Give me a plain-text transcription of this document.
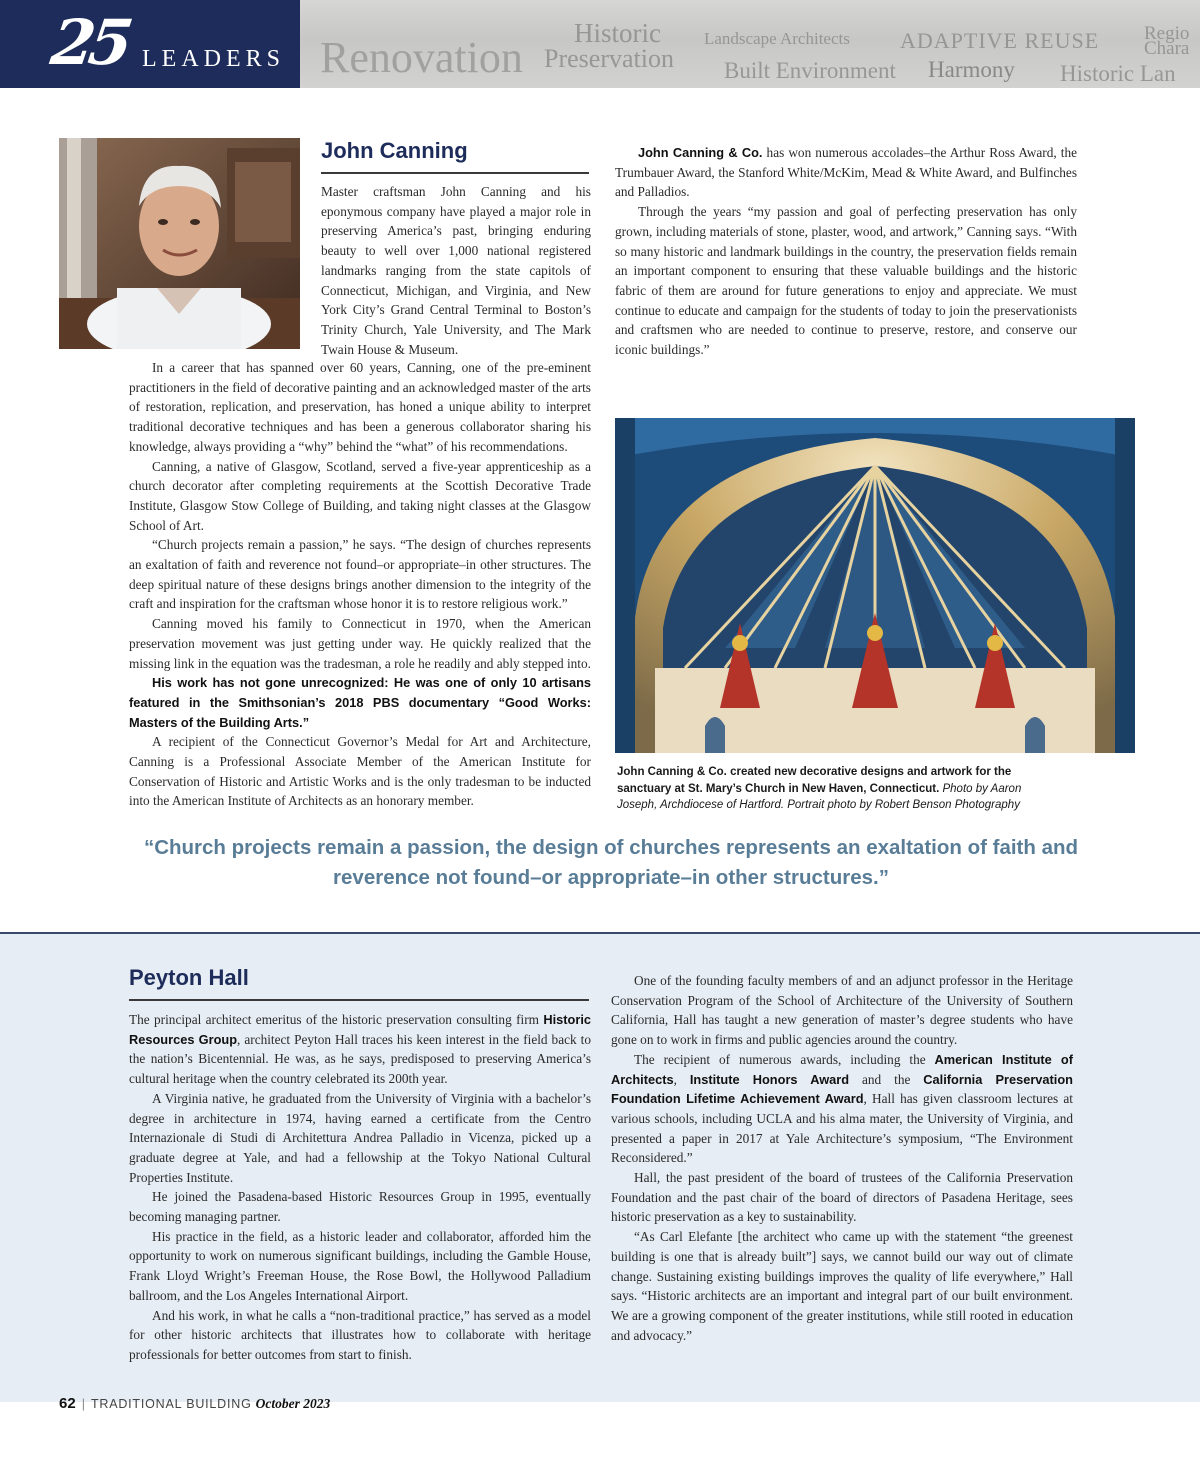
25 LEADERS Renovation Historic
Preservation
Landscape Architects
Built Environment
ADAPTIVE REUSE
Harmony
Regio
Chara
Historic Lan
John Canning

Master craftsman John Canning and his eponymous company have played a major role in preserving America’s past, bringing enduring beauty to well over 1,000 national registered landmarks ranging from the state capitols of Connecticut, Michigan, and Virginia, and New York City’s Grand Central Terminal to Boston’s Trinity Church, Yale University, and The Mark Twain House & Museum.

In a career that has spanned over 60 years, Canning, one of the pre-eminent practitioners in the field of decorative painting and an acknowledged master of the arts of restoration, replication, and preservation, has honed a unique ability to interpret traditional decorative techniques and has been a generous collaborator sharing his knowledge, always providing a “why” behind the “what” of his recommendations.

Canning, a native of Glasgow, Scotland, served a five-year apprenticeship as a church decorator after completing requirements at the Scottish Decorative Trade Institute, Glasgow Stow College of Building, and taking night classes at the Glasgow School of Art.

“Church projects remain a passion,” he says. “The design of churches represents an exaltation of faith and reverence not found–or appropriate–in other structures. The deep spiritual nature of these designs brings another dimension to the integrity of the craft and inspiration for the craftsman whose honor it is to restore religious work.”

Canning moved his family to Connecticut in 1970, when the American preservation movement was just getting under way. He quickly realized that the missing link in the equation was the tradesman, a role he readily and ably stepped into.

His work has not gone unrecognized: He was one of only 10 artisans featured in the Smithsonian’s 2018 PBS documentary “Good Works: Masters of the Building Arts.”

A recipient of the Connecticut Governor’s Medal for Art and Architecture, Canning is a Professional Associate Member of the American Institute for Conservation of Historic and Artistic Works and is the only tradesman to be inducted into the American Institute of Architects as an honorary member.

John Canning & Co. has won numerous accolades–the Arthur Ross Award, the Trumbauer Award, the Stanford White/McKim, Mead & White Award, and Bulfinches and Palladios.

Through the years “my passion and goal of perfecting preservation has only grown, including materials of stone, plaster, wood, and artwork,” Canning says. “With so many historic and landmark buildings in the country, the preservation fields remain an important component to ensuring that these valuable buildings and the historic fabric of them are around for future generations to enjoy and appreciate. We must continue to educate and campaign for the students of today to join the preservationists and craftsmen who are needed to continue to preserve, restore, and conserve our iconic buildings.”

John Canning & Co. created new decorative designs and artwork for the sanctuary at St. Mary’s Church in New Haven, Connecticut. Photo by Aaron Joseph, Archdiocese of Hartford. Portrait photo by Robert Benson Photography
“Church projects remain a passion, the design of churches represents an exaltation of faith and reverence not found–or appropriate–in other structures.”
Peyton Hall

The principal architect emeritus of the historic preservation consulting firm Historic Resources Group, architect Peyton Hall traces his keen interest in the field back to the nation’s Bicentennial. He was, as he says, predisposed to preserving America’s cultural heritage when the country celebrated its 200th year.

A Virginia native, he graduated from the University of Virginia with a bachelor’s degree in architecture in 1974, having earned a certificate from the Centro Internazionale di Studi di Architettura Andrea Palladio in Vicenza, picked up a graduate degree at Yale, and had a fellowship at the Tokyo National Cultural Properties Institute.

He joined the Pasadena-based Historic Resources Group in 1995, eventually becoming managing partner.

His practice in the field, as a historic leader and collaborator, afforded him the opportunity to work on numerous significant buildings, including the Gamble House, Frank Lloyd Wright’s Freeman House, the Rose Bowl, the Hollywood Palladium ballroom, and the Los Angeles International Airport.

And his work, in what he calls a “non-traditional practice,” has served as a model for other historic architects that illustrates how to collaborate with heritage professionals for better outcomes from start to finish.

One of the founding faculty members of and an adjunct professor in the Heritage Conservation Program of the School of Architecture of the University of Southern California, Hall has taught a new generation of master’s degree students who have gone on to work in firms and public agencies around the country.

The recipient of numerous awards, including the American Institute of Architects, Institute Honors Award and the California Preservation Foundation Lifetime Achievement Award, Hall has given classroom lectures at various schools, including UCLA and his alma mater, the University of Virginia, and presented a paper in 2017 at Yale Architecture’s symposium, “The Environment Reconsidered.”

Hall, the past president of the board of trustees of the California Preservation Foundation and the past chair of the board of directors of Pasadena Heritage, sees historic preservation as a key to sustainability.

“As Carl Elefante [the architect who came up with the statement “the greenest building is one that is already built”] says, we cannot build our way out of climate change. Sustaining existing buildings improves the quality of life everywhere,” Hall says. “Historic architects are an important and integral part of our built environment. We are a growing component of the greater institutions, while still rooted in education and advocacy.”

62 | TRADITIONAL BUILDING October 2023
